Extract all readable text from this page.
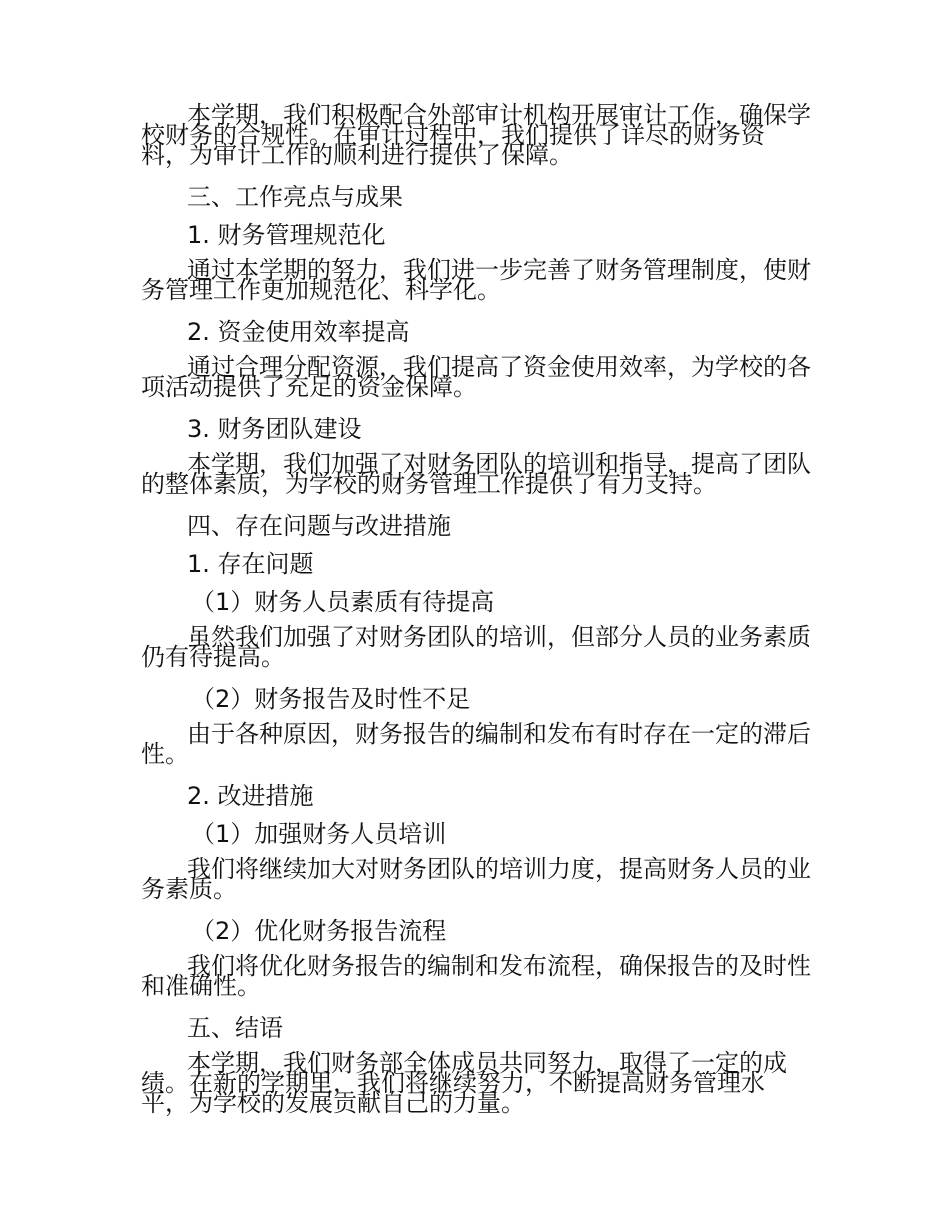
本学期，我们积极配合外部审计机构开展审计工作，确保学校财务的合规性。在审计过程中，我们提供了详尽的财务资料，为审计工作的顺利进行提供了保障。

三、工作亮点与成果

1. 财务管理规范化

通过本学期的努力，我们进一步完善了财务管理制度，使财务管理工作更加规范化、科学化。

2. 资金使用效率提高

通过合理分配资源，我们提高了资金使用效率，为学校的各项活动提供了充足的资金保障。

3. 财务团队建设

本学期，我们加强了对财务团队的培训和指导，提高了团队的整体素质，为学校的财务管理工作提供了有力支持。

四、存在问题与改进措施

1. 存在问题

（1）财务人员素质有待提高

虽然我们加强了对财务团队的培训，但部分人员的业务素质仍有待提高。

（2）财务报告及时性不足

由于各种原因，财务报告的编制和发布有时存在一定的滞后性。

2. 改进措施

（1）加强财务人员培训

我们将继续加大对财务团队的培训力度，提高财务人员的业务素质。

（2）优化财务报告流程

我们将优化财务报告的编制和发布流程，确保报告的及时性和准确性。

五、结语

本学期，我们财务部全体成员共同努力，取得了一定的成绩。在新的学期里，我们将继续努力，不断提高财务管理水平，为学校的发展贡献自己的力量。
